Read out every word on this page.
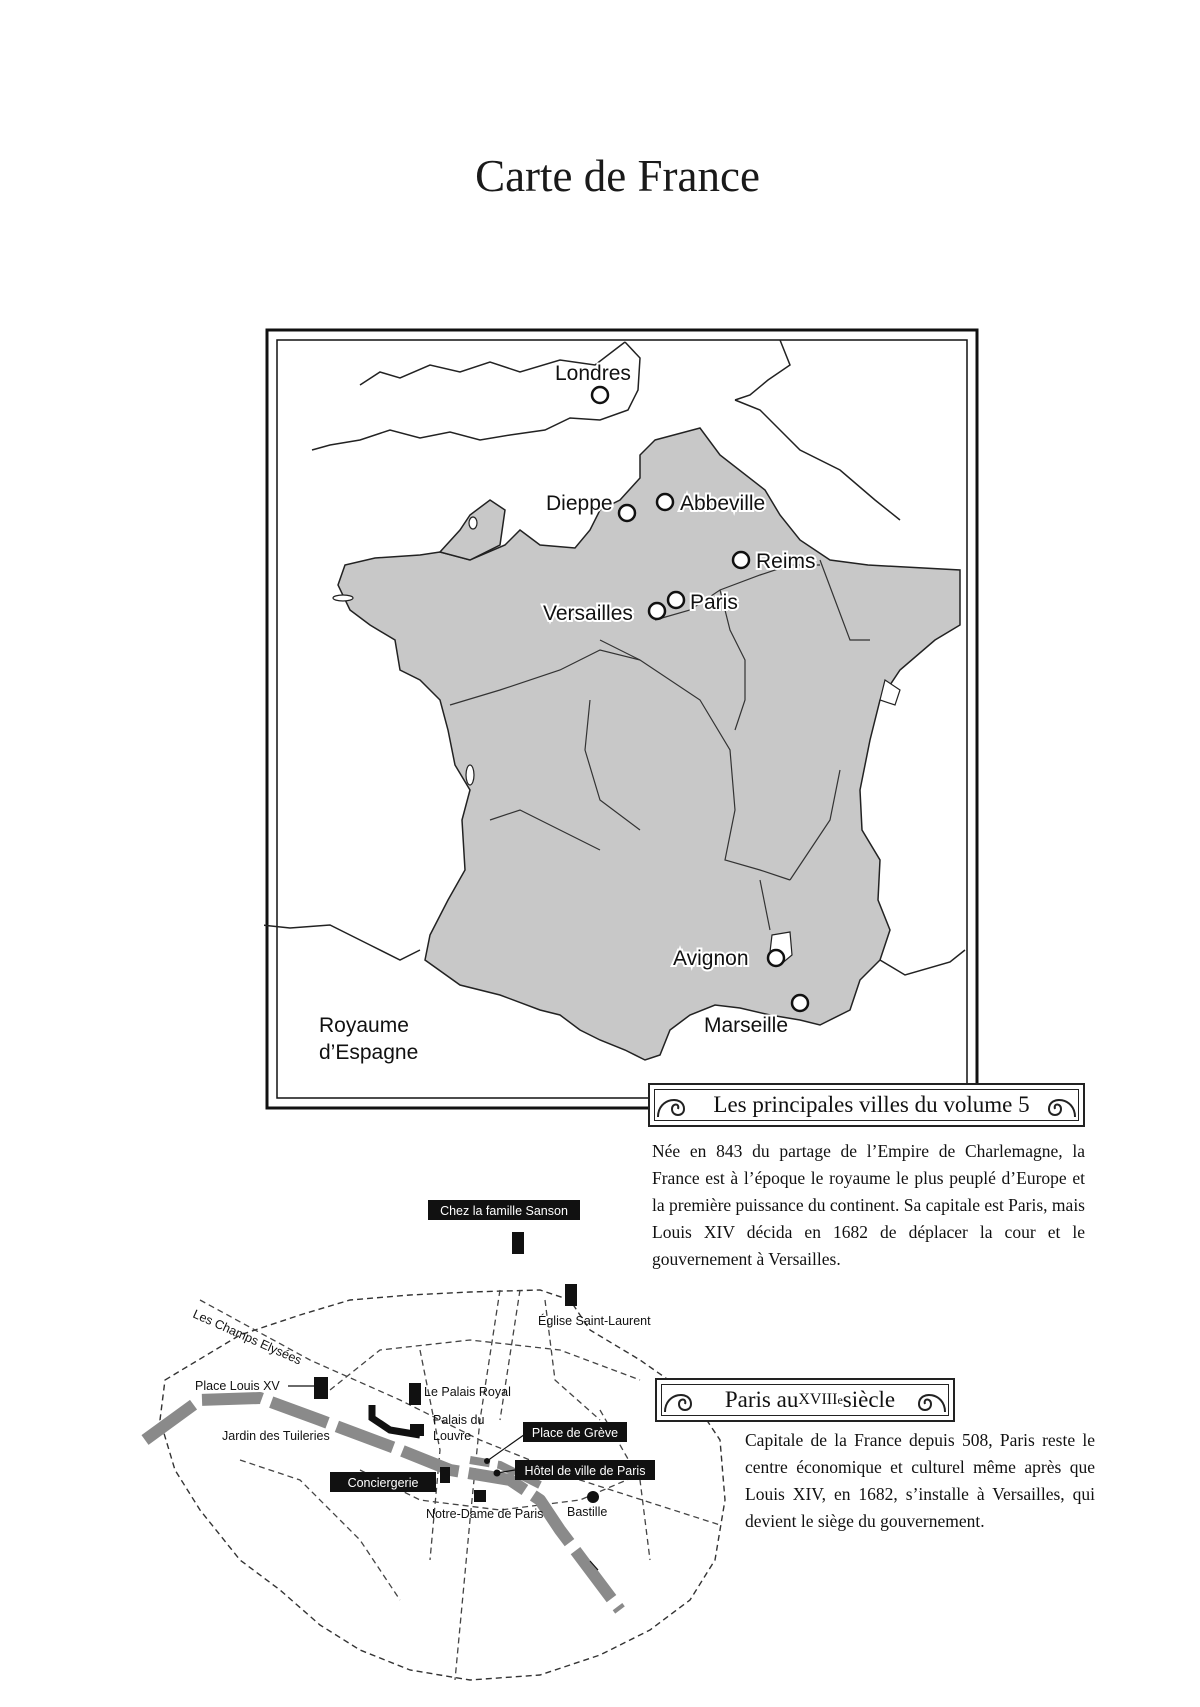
Carte de France
Londres
Dieppe	Abbeville
Reims
Paris
Versailles
Avignon
Marseille
Royaume
d’Espagne
Les principales villes du volume 5

Née en 843 du partage de l’Empire de Charlemagne, la France est à l’époque le royaume le plus peuplé d’Europe et la première puissance du continent. Sa capitale est Paris, mais Louis XIV décida en 1682 de déplacer la cour et le gouvernement à Versailles.

Chez la famille Sanson
Place de Grève
Hôtel de ville de Paris
Conciergerie
Église Saint-Laurent
Les Champs Elysées
Place Louis XV	Le Palais Royal
Palais du
Louvre
Jardin des Tuileries
Notre-Dame de Paris Bastille
Paris au XVIII e siècle

Capitale de la France depuis 508, Paris reste le centre économique et culturel même après que Louis XIV, en 1682, s’installe à Versailles, qui devient le siège du gouvernement.
